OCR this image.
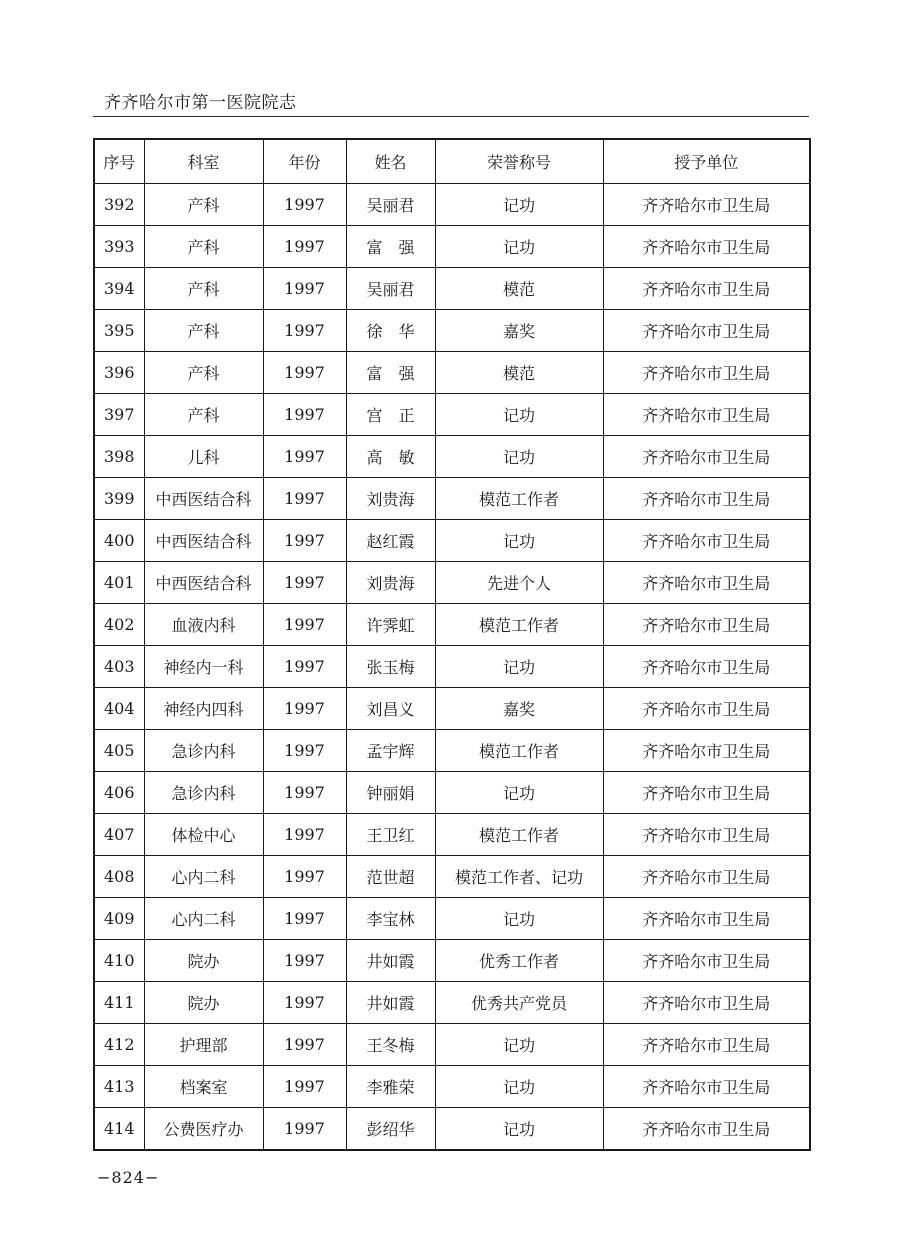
齐齐哈尔市第一医院院志
序号	科室	年份	姓名	荣誉称号	授予单位
392	产科	1997	吴丽君	记功	齐齐哈尔市卫生局
393	产科	1997	富　强	记功	齐齐哈尔市卫生局
394	产科	1997	吴丽君	模范	齐齐哈尔市卫生局
395	产科	1997	徐　华	嘉奖	齐齐哈尔市卫生局
396	产科	1997	富　强	模范	齐齐哈尔市卫生局
397	产科	1997	宫　正	记功	齐齐哈尔市卫生局
398	儿科	1997	高　敏	记功	齐齐哈尔市卫生局
399	中西医结合科	1997	刘贵海	模范工作者	齐齐哈尔市卫生局
400	中西医结合科	1997	赵红霞	记功	齐齐哈尔市卫生局
401	中西医结合科	1997	刘贵海	先进个人	齐齐哈尔市卫生局
402	血液内科	1997	许霁虹	模范工作者	齐齐哈尔市卫生局
403	神经内一科	1997	张玉梅	记功	齐齐哈尔市卫生局
404	神经内四科	1997	刘昌义	嘉奖	齐齐哈尔市卫生局
405	急诊内科	1997	孟宇辉	模范工作者	齐齐哈尔市卫生局
406	急诊内科	1997	钟丽娟	记功	齐齐哈尔市卫生局
407	体检中心	1997	王卫红	模范工作者	齐齐哈尔市卫生局
408	心内二科	1997	范世超	模范工作者、记功	齐齐哈尔市卫生局
409	心内二科	1997	李宝林	记功	齐齐哈尔市卫生局
410	院办	1997	井如霞	优秀工作者	齐齐哈尔市卫生局
411	院办	1997	井如霞	优秀共产党员	齐齐哈尔市卫生局
412	护理部	1997	王冬梅	记功	齐齐哈尔市卫生局
413	档案室	1997	李雅荣	记功	齐齐哈尔市卫生局
414	公费医疗办	1997	彭绍华	记功	齐齐哈尔市卫生局
−824−
